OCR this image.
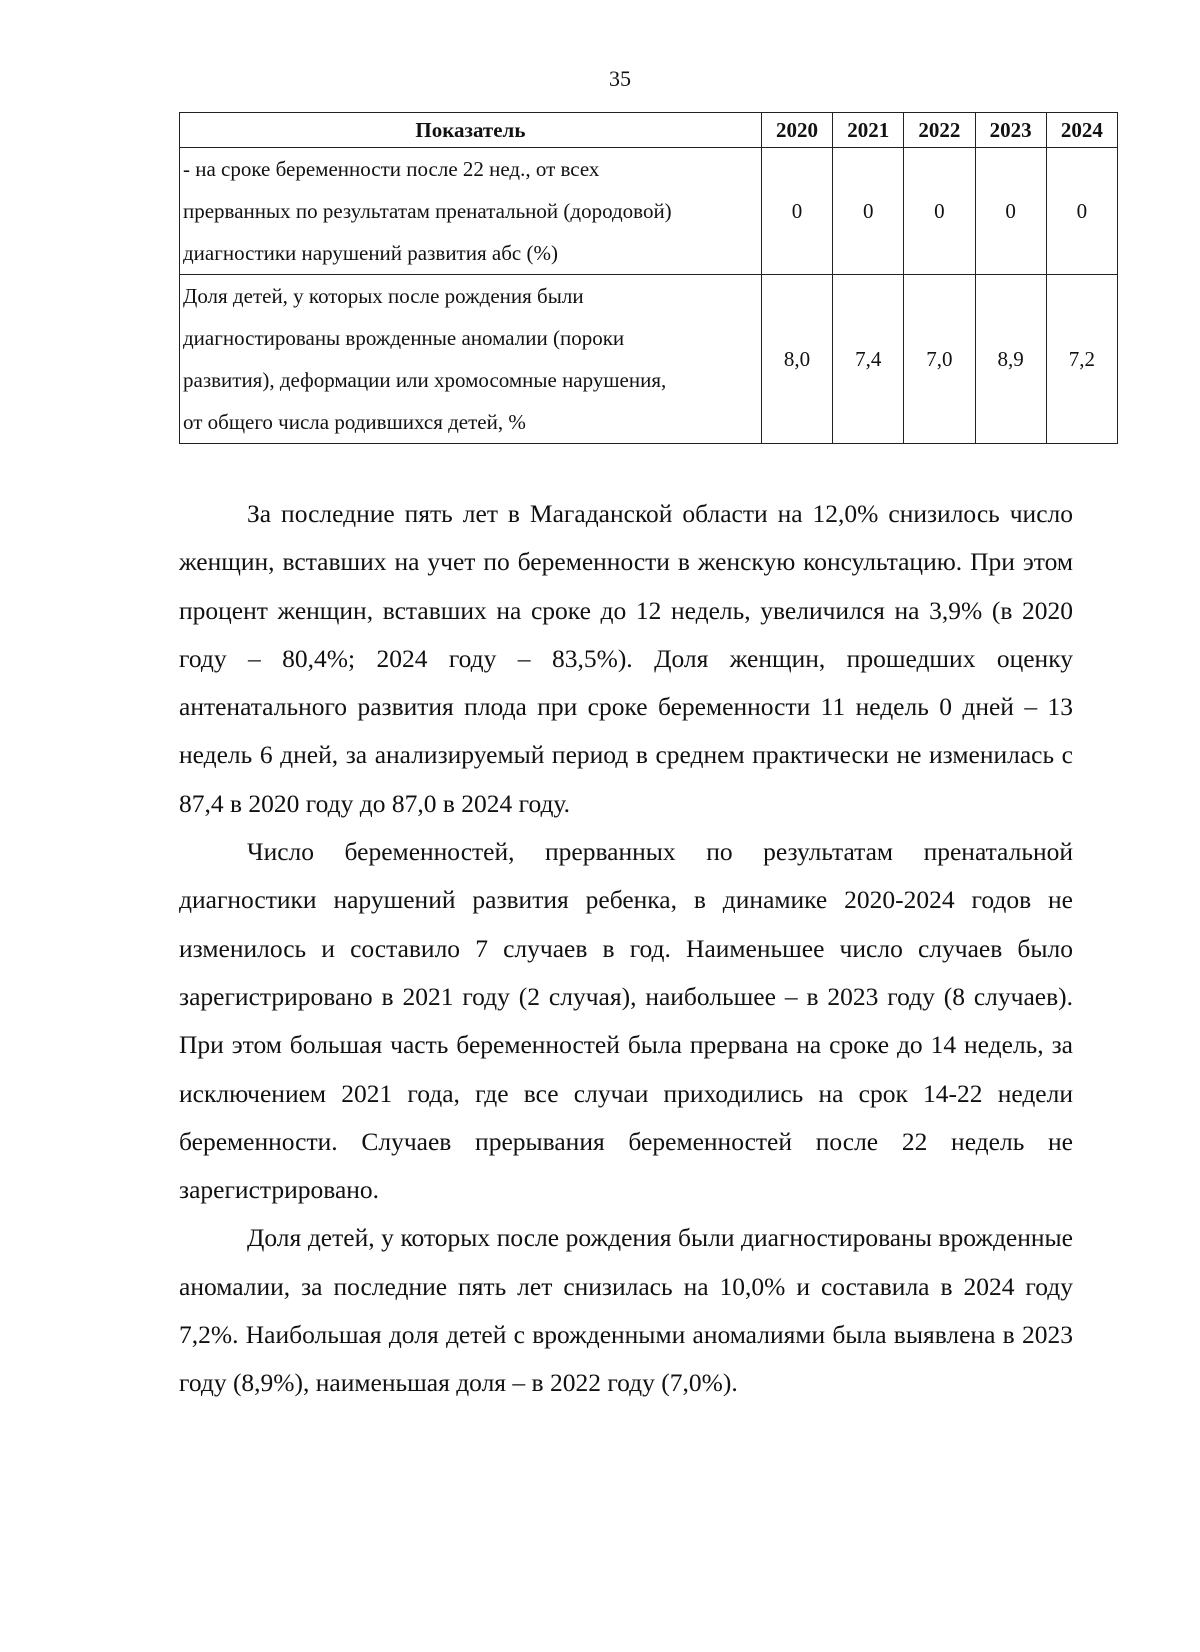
35
Показатель	2020	2021	2022	2023	2024

- на сроке беременности после 22 нед., от всех
прерванных по результатам пренатальной (дородовой)
диагностики нарушений развития абс (%)	0	0	0	0	0

Доля детей, у которых после рождения были
диагностированы врожденные аномалии (пороки
развития), деформации или хромосомные нарушения,
от общего числа родившихся детей, %	8,0	7,4	7,0	8,9	7,2

За последние пять лет в Магаданской области на 12,0% снизилось число женщин, вставших на учет по беременности в женскую консультацию. При этом процент женщин, вставших на сроке до 12 недель, увеличился на 3,9% (в 2020 году – 80,4%; 2024 году – 83,5%). Доля женщин, прошедших оценку антенатального развития плода при сроке беременности 11 недель 0 дней – 13 недель 6 дней, за анализируемый период в среднем практически не изменилась с 87,4 в 2020 году до 87,0 в 2024 году.

Число беременностей, прерванных по результатам пренатальной диагностики нарушений развития ребенка, в динамике 2020-2024 годов не изменилось и составило 7 случаев в год. Наименьшее число случаев было зарегистрировано в 2021 году (2 случая), наибольшее – в 2023 году (8 случаев). При этом большая часть беременностей была прервана на сроке до 14 недель, за исключением 2021 года, где все случаи приходились на срок 14-22 недели беременности. Случаев прерывания беременностей после 22 недель не зарегистрировано.

Доля детей, у которых после рождения были диагностированы врожденные аномалии, за последние пять лет снизилась на 10,0% и составила в 2024 году 7,2%. Наибольшая доля детей с врожденными аномалиями была выявлена в 2023 году (8,9%), наименьшая доля – в 2022 году (7,0%).
